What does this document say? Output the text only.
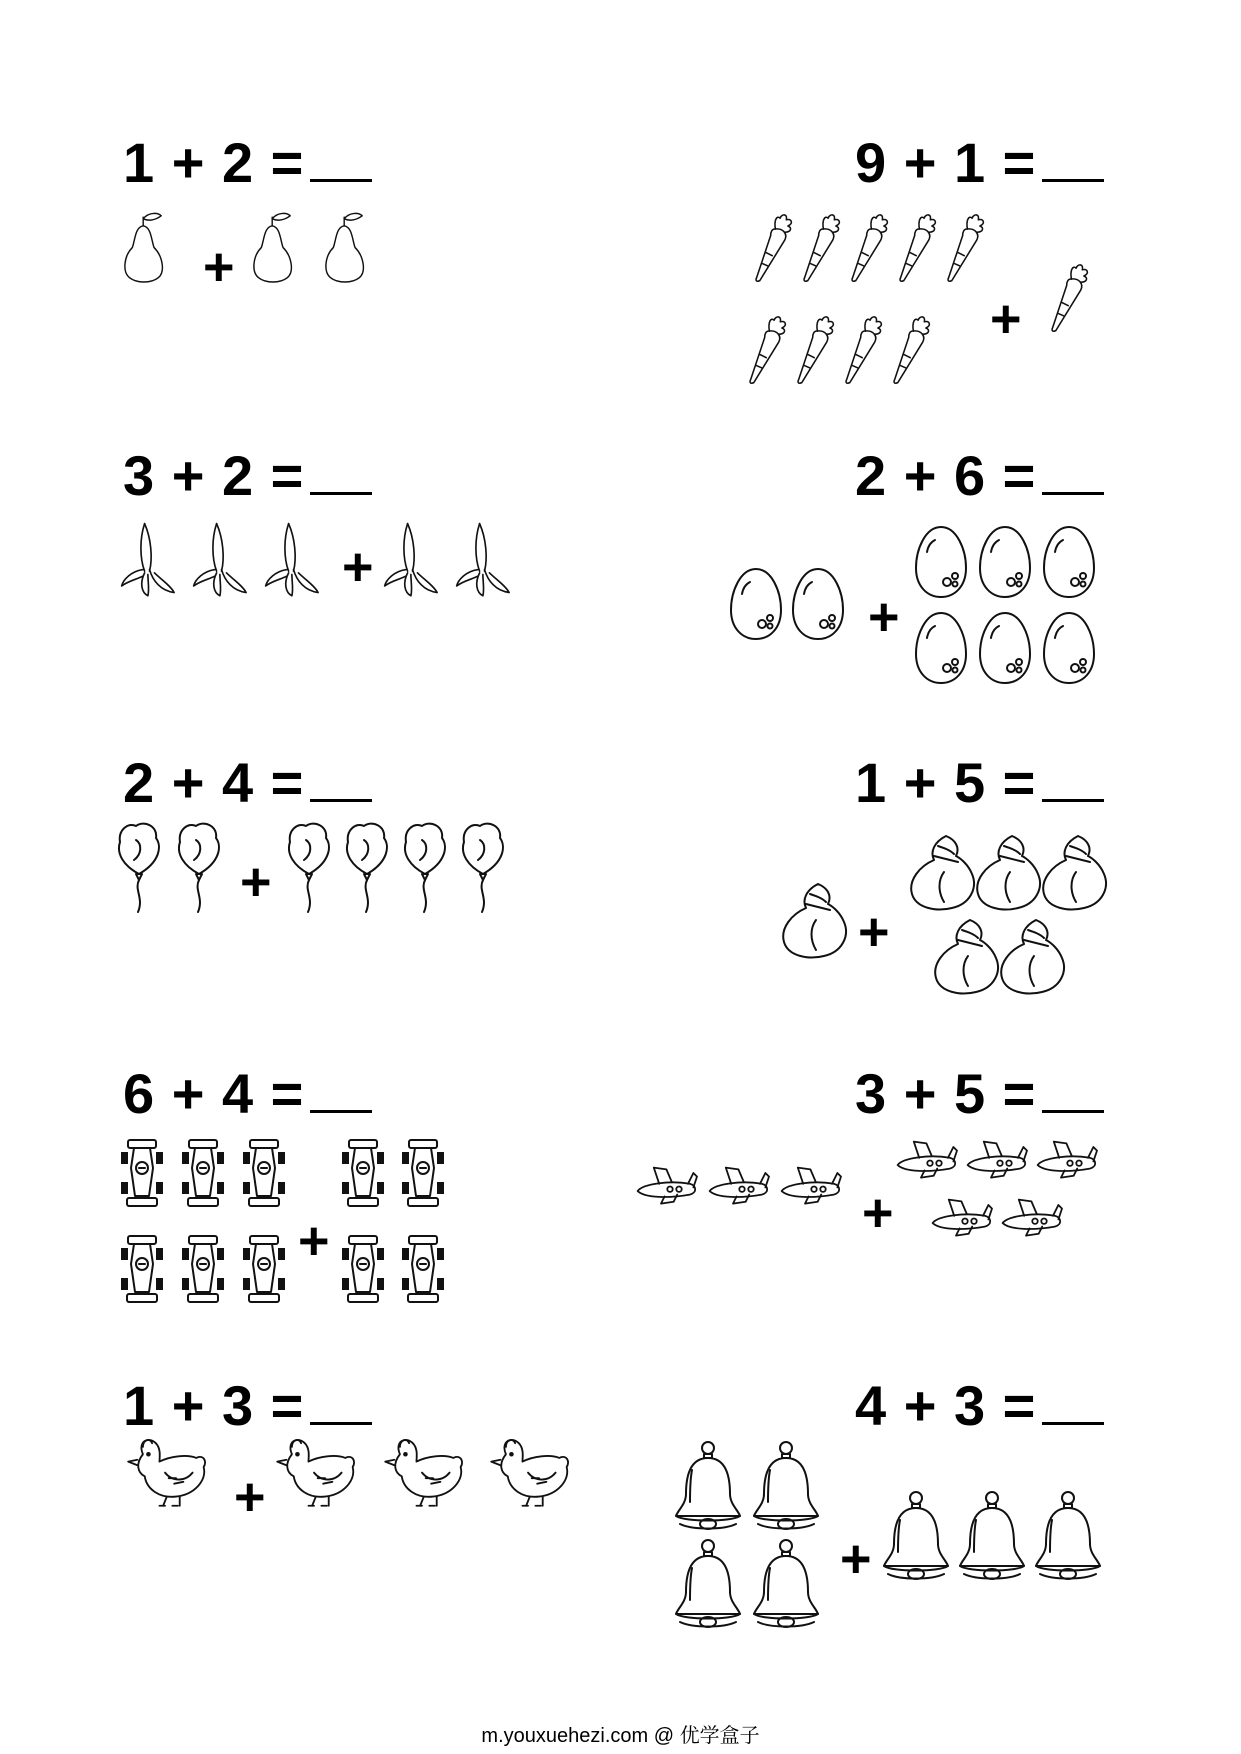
1 + 2 =
+
9 + 1 =
+
3 + 2 =
+
2 + 6 =
+
2 + 4 =
+
1 + 5 =
+
6 + 4 =
+
3 + 5 =
+
1 + 3 =
+
4 + 3 =
+
m.youxuehezi.com @ 优学盒子
